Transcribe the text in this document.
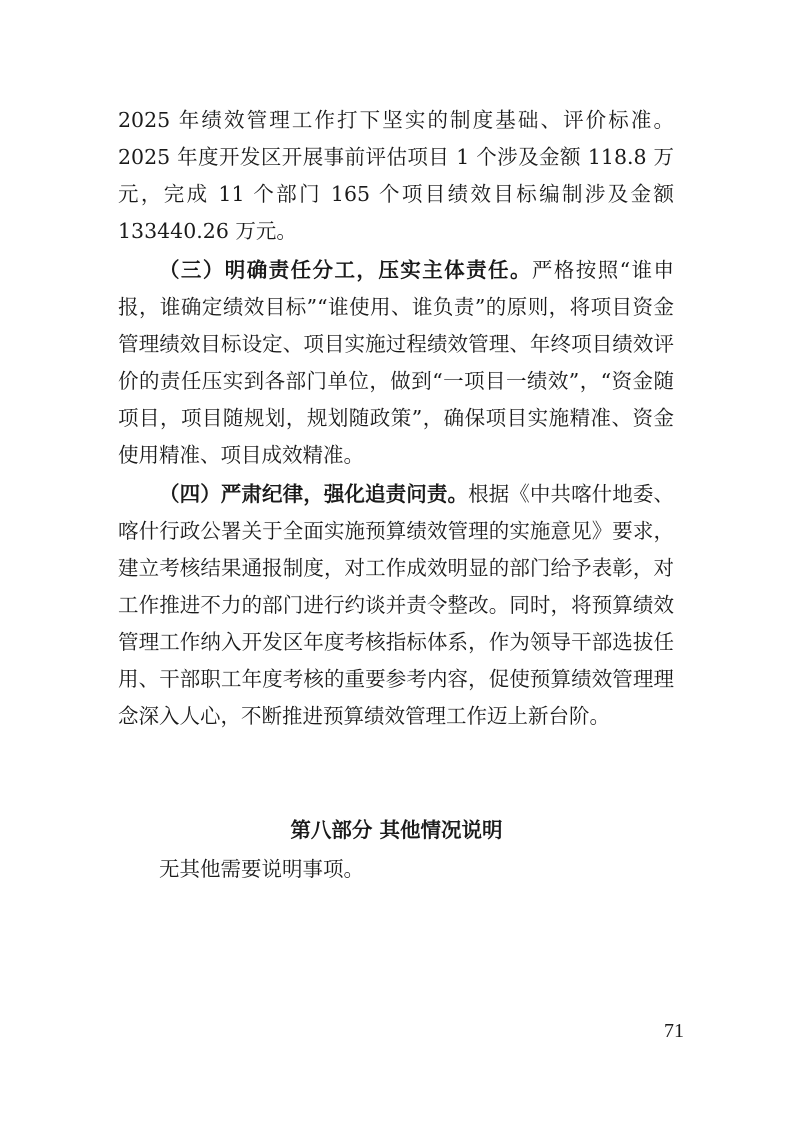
2025 年绩效管理工作打下坚实的制度基础、评价标准。2025 年度开发区开展事前评估项目 1 个涉及金额 118.8 万元，完成 11 个部门 165 个项目绩效目标编制涉及金额 133440.26 万元。

（三）明确责任分工，压实主体责任。严格按照“谁申报，谁确定绩效目标”“谁使用、谁负责”的原则，将项目资金管理绩效目标设定、项目实施过程绩效管理、年终项目绩效评价的责任压实到各部门单位，做到“一项目一绩效”，“资金随项目，项目随规划，规划随政策”，确保项目实施精准、资金使用精准、项目成效精准。

（四）严肃纪律，强化追责问责。根据《中共喀什地委、喀什行政公署关于全面实施预算绩效管理的实施意见》要求，建立考核结果通报制度，对工作成效明显的部门给予表彰，对工作推进不力的部门进行约谈并责令整改。同时，将预算绩效管理工作纳入开发区年度考核指标体系，作为领导干部选拔任用、干部职工年度考核的重要参考内容，促使预算绩效管理理念深入人心，不断推进预算绩效管理工作迈上新台阶。

第八部分 其他情况说明

无其他需要说明事项。

71
